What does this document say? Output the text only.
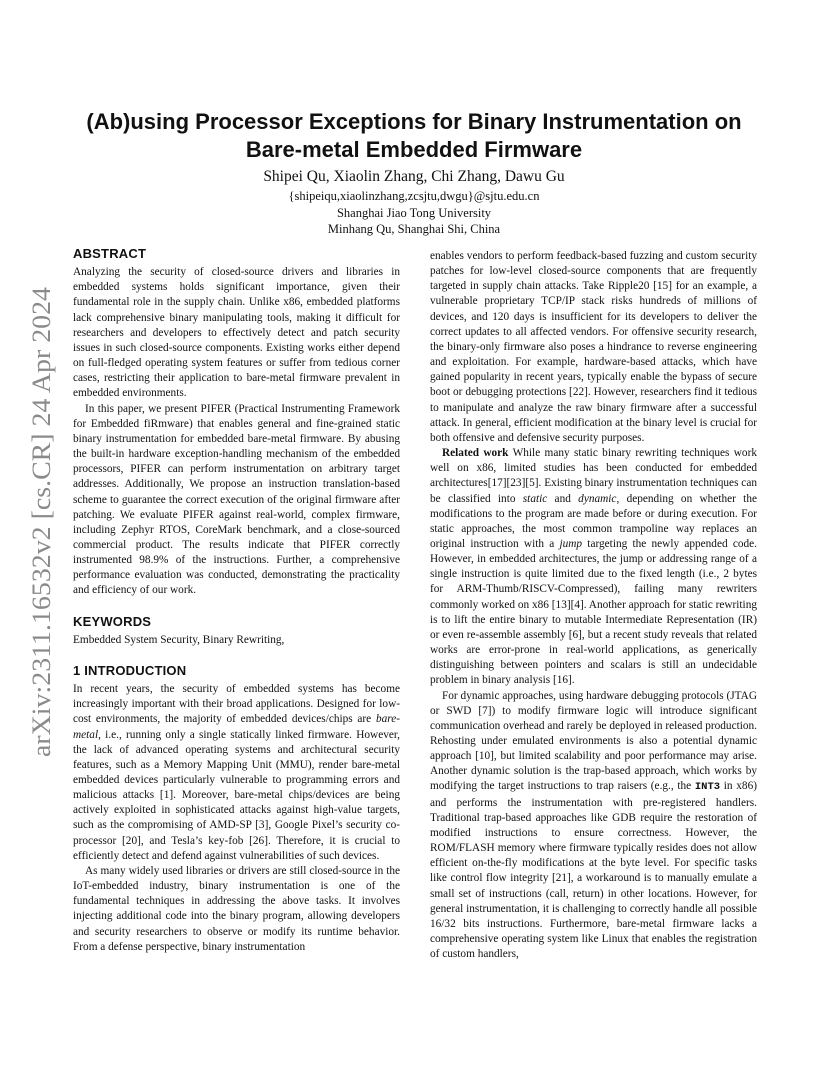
arXiv:2311.16532v2 [cs.CR] 24 Apr 2024
(Ab)using Processor Exceptions for Binary Instrumentation on
Bare-metal Embedded Firmware
Shipei Qu, Xiaolin Zhang, Chi Zhang, Dawu Gu
{shipeiqu,xiaolinzhang,zcsjtu,dwgu}@sjtu.edu.cn
Shanghai Jiao Tong University
Minhang Qu, Shanghai Shi, China
ABSTRACT

Analyzing the security of closed-source drivers and libraries in embedded systems holds significant importance, given their fundamental role in the supply chain. Unlike x86, embedded platforms lack comprehensive binary manipulating tools, making it difficult for researchers and developers to effectively detect and patch security issues in such closed-source components. Existing works either depend on full-fledged operating system features or suffer from tedious corner cases, restricting their application to bare-metal firmware prevalent in embedded environments.

In this paper, we present PIFER (Practical Instrumenting Framework for Embedded fiRmware) that enables general and fine-grained static binary instrumentation for embedded bare-metal firmware. By abusing the built-in hardware exception-handling mechanism of the embedded processors, PIFER can perform instrumentation on arbitrary target addresses. Additionally, We propose an instruction translation-based scheme to guarantee the correct execution of the original firmware after patching. We evaluate PIFER against real-world, complex firmware, including Zephyr RTOS, CoreMark benchmark, and a close-sourced commercial product. The results indicate that PIFER correctly instrumented 98.9% of the instructions. Further, a comprehensive performance evaluation was conducted, demonstrating the practicality and efficiency of our work.

KEYWORDS

Embedded System Security, Binary Rewriting,

1 INTRODUCTION

In recent years, the security of embedded systems has become increasingly important with their broad applications. Designed for low-cost environments, the majority of embedded devices/chips are bare-metal, i.e., running only a single statically linked firmware. However, the lack of advanced operating systems and architectural security features, such as a Memory Mapping Unit (MMU), render bare-metal embedded devices particularly vulnerable to programming errors and malicious attacks [1]. Moreover, bare-metal chips/devices are being actively exploited in sophisticated attacks against high-value targets, such as the compromising of AMD-SP [3], Google Pixel’s security co-processor [20], and Tesla’s key-fob [26]. Therefore, it is crucial to efficiently detect and defend against vulnerabilities of such devices.

As many widely used libraries or drivers are still closed-source in the IoT-embedded industry, binary instrumentation is one of the fundamental techniques in addressing the above tasks. It involves injecting additional code into the binary program, allowing developers and security researchers to observe or modify its runtime behavior. From a defense perspective, binary instrumentation

enables vendors to perform feedback-based fuzzing and custom security patches for low-level closed-source components that are frequently targeted in supply chain attacks. Take Ripple20 [15] for an example, a vulnerable proprietary TCP/IP stack risks hundreds of millions of devices, and 120 days is insufficient for its developers to deliver the correct updates to all affected vendors. For offensive security research, the binary-only firmware also poses a hindrance to reverse engineering and exploitation. For example, hardware-based attacks, which have gained popularity in recent years, typically enable the bypass of secure boot or debugging protections [22]. However, researchers find it tedious to manipulate and analyze the raw binary firmware after a successful attack. In general, efficient modification at the binary level is crucial for both offensive and defensive security purposes.

Related work While many static binary rewriting techniques work well on x86, limited studies has been conducted for embedded architectures[17][23][5]. Existing binary instrumentation techniques can be classified into static and dynamic, depending on whether the modifications to the program are made before or during execution. For static approaches, the most common trampoline way replaces an original instruction with a jump targeting the newly appended code. However, in embedded architectures, the jump or addressing range of a single instruction is quite limited due to the fixed length (i.e., 2 bytes for ARM-Thumb/RISCV-Compressed), failing many rewriters commonly worked on x86 [13][4]. Another approach for static rewriting is to lift the entire binary to mutable Intermediate Representation (IR) or even re-assemble assembly [6], but a recent study reveals that related works are error-prone in real-world applications, as generically distinguishing between pointers and scalars is still an undecidable problem in binary analysis [16].

For dynamic approaches, using hardware debugging protocols (JTAG or SWD [7]) to modify firmware logic will introduce significant communication overhead and rarely be deployed in released production. Rehosting under emulated environments is also a potential dynamic approach [10], but limited scalability and poor performance may arise. Another dynamic solution is the trap-based approach, which works by modifying the target instructions to trap raisers (e.g., the INT3 in x86) and performs the instrumentation with pre-registered handlers. Traditional trap-based approaches like GDB require the restoration of modified instructions to ensure correctness. However, the ROM/FLASH memory where firmware typically resides does not allow efficient on-the-fly modifications at the byte level. For specific tasks like control flow integrity [21], a workaround is to manually emulate a small set of instructions (call, return) in other locations. However, for general instrumentation, it is challenging to correctly handle all possible 16/32 bits instructions. Furthermore, bare-metal firmware lacks a comprehensive operating system like Linux that enables the registration of custom handlers,
